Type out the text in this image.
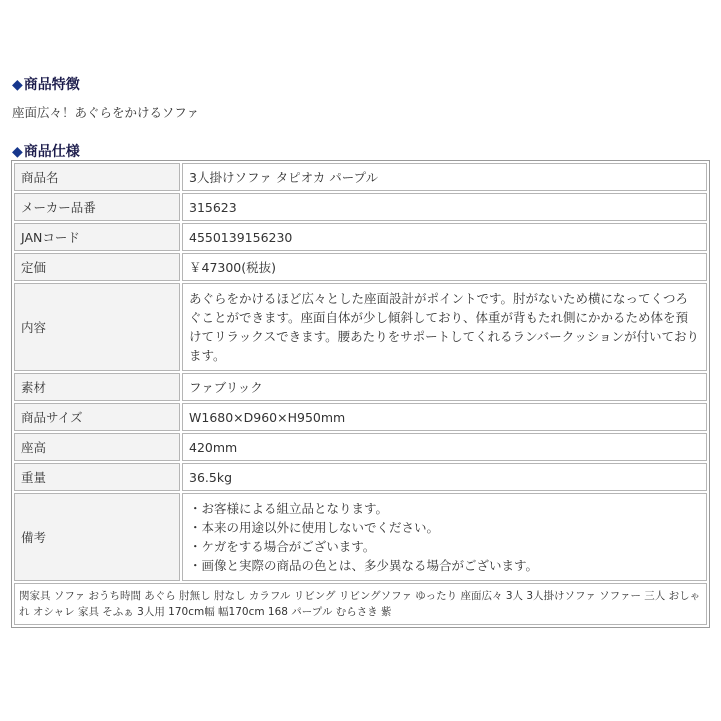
◆商品特徴
座面広々！あぐらをかけるソファ
◆商品仕様
商品名	3人掛けソファ タピオカ パープル
メーカー品番	315623
JANコード	4550139156230
定価	￥47300(税抜)
内容	あぐらをかけるほど広々とした座面設計がポイントです。肘がないため横になってくつろぐことができます。座面自体が少し傾斜しており、体重が背もたれ側にかかるため体を預けてリラックスできます。腰あたりをサポートしてくれるランバークッションが付いております。
素材	ファブリック
商品サイズ	W1680×D960×H950mm
座高	420mm
重量	36.5kg
備考	・お客様による組立品となります。
・本来の用途以外に使用しないでください。
・ケガをする場合がございます。
・画像と実際の商品の色とは、多少異なる場合がございます。

関家具 ソファ おうち時間 あぐら 肘無し 肘なし カラフル リビング リビングソファ ゆったり 座面広々 3人 3人掛けソファ ソファー 三人 おしゃれ オシャレ 家具 そふぁ 3人用 170cm幅 幅170cm 168 パープル むらさき 紫	
